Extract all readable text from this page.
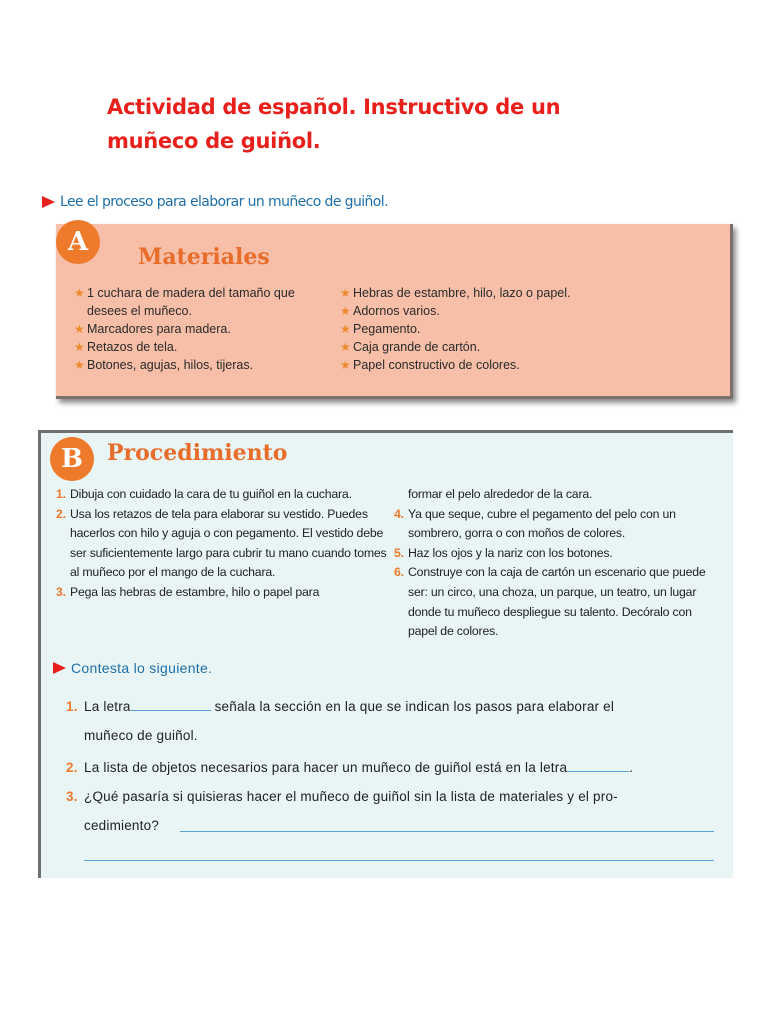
Actividad de español. Instructivo de un muñeco de guiñol.
Lee el proceso para elaborar un muñeco de guiñol.
A	Materiales
★ 1 cuchara de madera del tamaño que desees el muñeco.
★ Marcadores para madera.
★ Retazos de tela.
★ Botones, agujas, hilos, tijeras.
★ Hebras de estambre, hilo, lazo o papel.
★ Adornos varios.
★ Pegamento.
★ Caja grande de cartón.
★ Papel constructivo de colores.
B	Procedimiento
1. Dibuja con cuidado la cara de tu guiñol en la cuchara.
2. Usa los retazos de tela para elaborar su vestido. Puedes hacerlos con hilo y aguja o con pegamento. El vestido debe ser suficientemente largo para cubrir tu mano cuando tomes al muñeco por el mango de la cuchara.
3. Pega las hebras de estambre, hilo o papel para
formar el pelo alrededor de la cara.
4. Ya que seque, cubre el pegamento del pelo con un sombrero, gorra o con moños de colores.
5. Haz los ojos y la nariz con los botones.
6. Construye con la caja de cartón un escenario que puede ser: un circo, una choza, un parque, un teatro, un lugar donde tu muñeco despliegue su talento. Decóralo con papel de colores.
Contesta lo siguiente.
1. La letra	señala la sección en la que se indican los pasos para elaborar el
muñeco de guiñol.
2. La lista de objetos necesarios para hacer un muñeco de guiñol está en la letra	.
3. ¿Qué pasaría si quisieras hacer el muñeco de guiñol sin la lista de materiales y el pro-
cedimiento?
